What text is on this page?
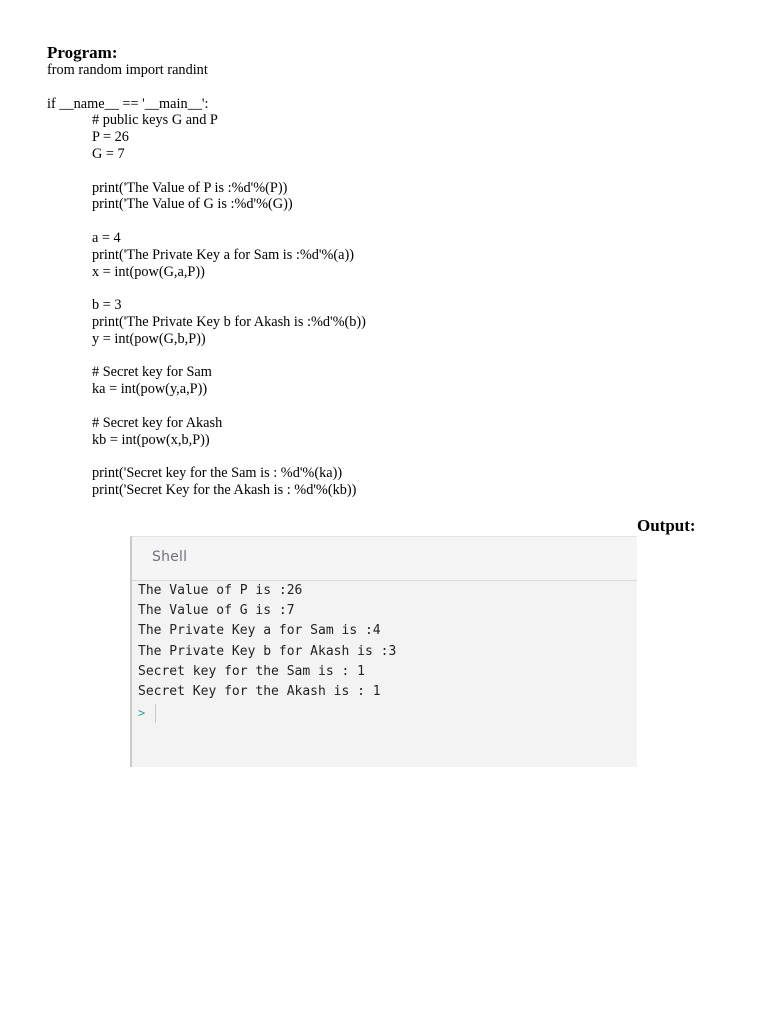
Program:
from random import randint
if __name__ == '__main__':
# public keys G and P
P = 26
G = 7
print('The Value of P is :%d'%(P))
print('The Value of G is :%d'%(G))
a = 4
print('The Private Key a for Sam is :%d'%(a))
x = int(pow(G,a,P))
b = 3
print('The Private Key b for Akash is :%d'%(b))
y = int(pow(G,b,P))
# Secret key for Sam
ka = int(pow(y,a,P))
# Secret key for Akash
kb = int(pow(x,b,P))
print('Secret key for the Sam is : %d'%(ka))
print('Secret Key for the Akash is : %d'%(kb))
Output:
Shell
The Value of P is :26
The Value of G is :7
The Private Key a for Sam is :4
The Private Key b for Akash is :3
Secret key for the Sam is : 1
Secret Key for the Akash is : 1
>
